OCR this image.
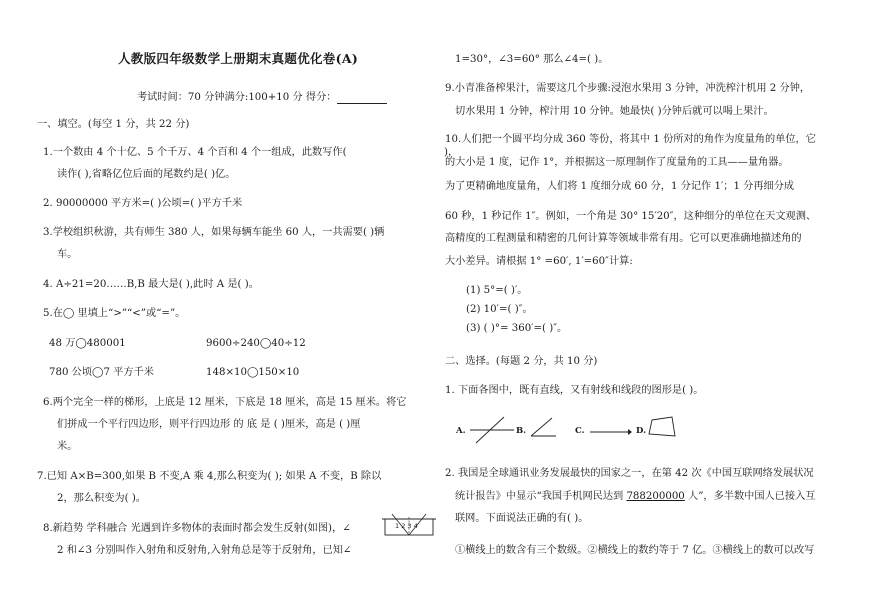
人教版四年级数学上册期末真题优化卷(A)
考试时间：70 分钟满分:100+10 分 得分：
一、填空。(每空 1 分，共 22 分)
1.一个数由 4 个十亿、5 个千万、4 个百和 4 个一组成，此数写作(	)，
读作( ),省略亿位后面的尾数约是( )亿。
2. 90000000 平方米=( )公顷=( )平方千米
3.学校组织秋游，共有师生 380 人，如果每辆车能坐 60 人，一共需要( )辆
车。
4. A÷21=20……B,B 最大是( ),此时 A 是( )。
5.在◯ 里填上“>”“<”或“=”。
48 万◯480001	9600÷240◯40÷12
780 公顷◯7 平方千米	148×10◯150×10
6.两个完全一样的梯形，上底是 12 厘米，下底是 18 厘米，高是 15 厘米。将它
们拼成一个平行四边形，则平行四边形 的 底 是 ( )厘米，高是 ( )厘
米。
7.已知 A×B=300,如果 B 不变,A 乘 4,那么积变为( ); 如果 A 不变，B 除以
2，那么积变为( )。
8.新趋势 学科融合 光遇到许多物体的表面时都会发生反射(如图)，∠
2 和∠3 分别叫作入射角和反射角,入射角总是等于反射角，已知∠
1 2 3 4
1=30°，∠3=60° 那么∠4=( )。
9.小青准备榨果汁，需要这几个步骤:浸泡水果用 3 分钟，冲洗榨汁机用 2 分钟，
切水果用 1 分钟，榨汁用 10 分钟。她最快( )分钟后就可以喝上果汁。
10.人们把一个圆平均分成 360 等份，将其中 1 份所对的角作为度量角的单位，它
的大小是 1 度，记作 1°，并根据这一原理制作了度量角的工具——量角器。
为了更精确地度量角，人们将 1 度细分成 60 分，1 分记作 1′；1 分再细分成
60 秒，1 秒记作 1″。例如，一个角是 30° 15′20″，这种细分的单位在天文观测、
高精度的工程测量和精密的几何计算等领域非常有用。它可以更准确地描述角的
大小差异。请根据 1° =60′, 1′=60″计算:
(1) 5°=( )′。
(2) 10′=( )″。
(3) ( )°= 360′=( )″。
二、选择。(每题 2 分，共 10 分)
1. 下面各图中，既有直线，又有射线和线段的图形是( )。
A.	B.	C.	D.
2. 我国是全球通讯业务发展最快的国家之一，在第 42 次《中国互联网络发展状况
统计报告》中显示“我国手机网民达到 788200000 人”，多半数中国人已接入互
联网。下面说法正确的有( )。
①横线上的数含有三个数级。②横线上的数约等于 7 亿。③横线上的数可以改写
